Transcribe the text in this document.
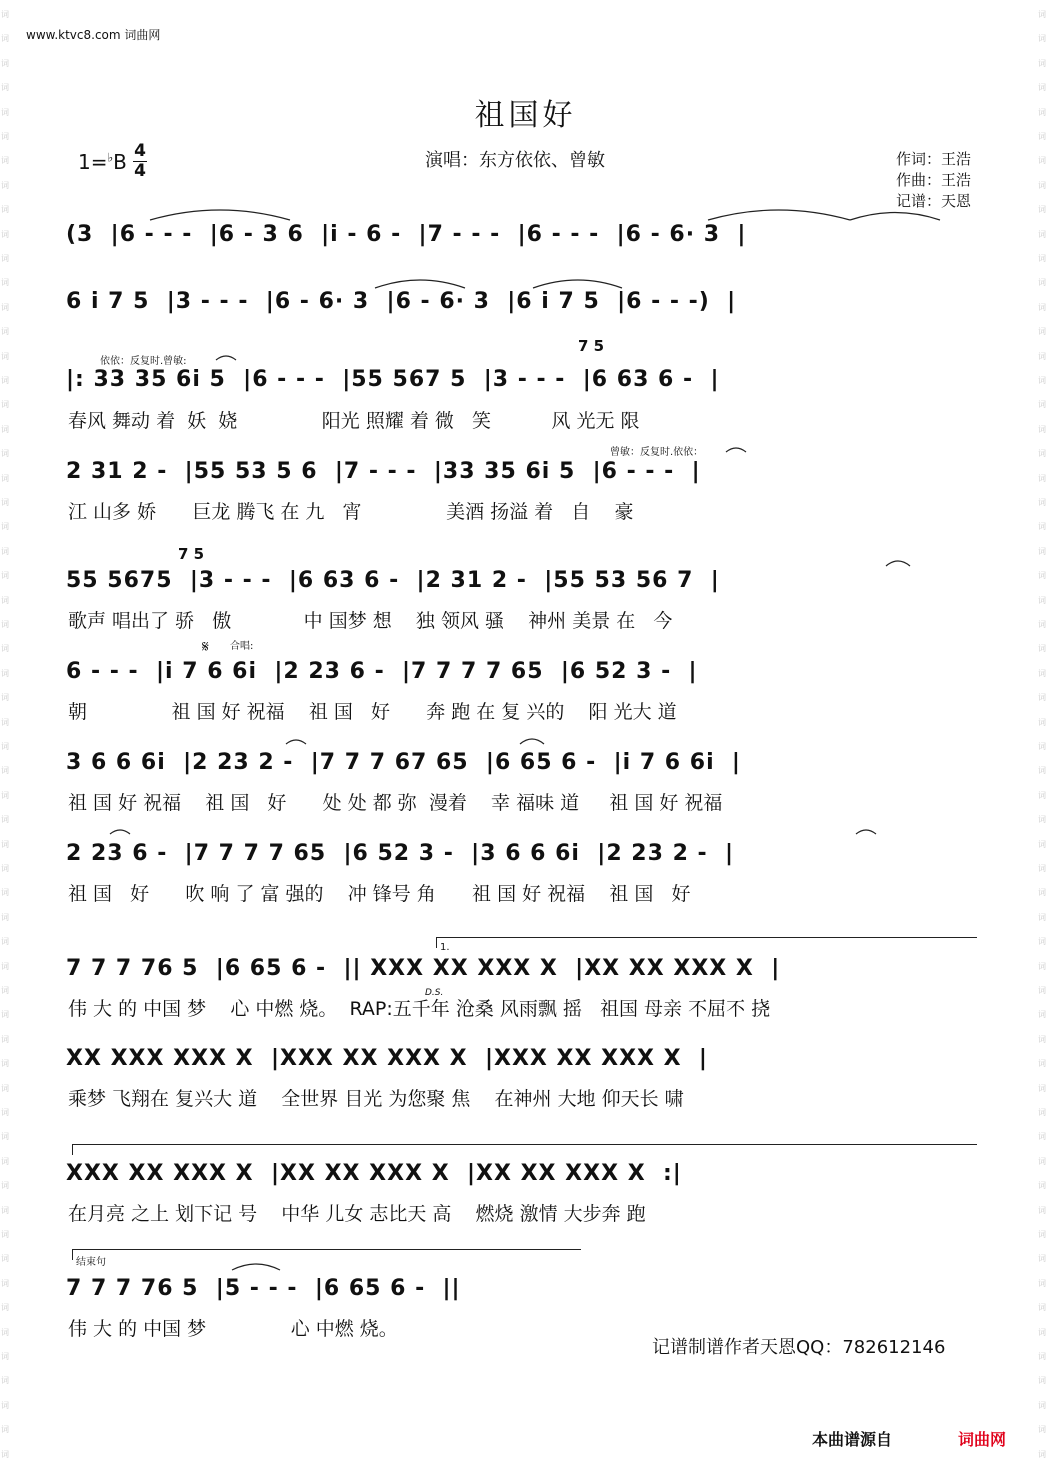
词
词
词
词
词
词
词
词
词
词
词
词
词
词
词
词
词
词
词
词
词
词
词
词
词
词
词
词
词
词
词
词
词
词
词
词
词
词
词
词
词
词
词
词
词
词
词
词
词
词
词
词
词
词
词
词
词
词
词
词
词
词
词
词
词
词
词
词
词
词
词
词
词
词
词
词
词
词
词
词
词
词
词
词
词
词
词
词
词
词
词
词
词
词
词
词
词
词
词
词
词
词
词
词
词
词
词
词
词
词
词
词
词
词
词
词
词
词
词
词
www.ktvc8.com 词曲网
祖国好
1=♭B 4
4	演唱：东方依依、曾敏	作词：王浩
作曲：王浩
记谱：天恩
依依：反复时.曾敏:
曾敏：反复时.依依：
合唱:
𝄋
D.S.
1.
结束句
7 5
7 5
(3  |6 - - -  |6 - 3 6  |i - 6 -  |7 - - -  |6 - - -  |6 - 6· 3  |
6 i 7 5  |3 - - -  |6 - 6· 3  |6 - 6· 3  |6 i 7 5  |6 - - -)  |
|: 33 35 6i 5  |6 - - -  |55 567 5  |3 - - -  |6 63 6 -  |
春风 舞动 着  妖  娆              阳光 照耀 着 微   笑          风 光无 限
2 31 2 -  |55 53 5 6  |7 - - -  |33 35 6i 5  |6 - - -  |
江 山多 娇      巨龙 腾飞 在 九   宵              美酒 扬溢 着   自    豪
55 5675  |3 - - -  |6 63 6 -  |2 31 2 -  |55 53 56 7  |
歌声 唱出了 骄   傲            中 国梦 想    独 领风 骚    神州 美景 在   今
6 - - -  |i 7 6 6i  |2 23 6 -  |7 7 7 7 65  |6 52 3 -  |
朝              祖 国 好 祝福    祖 国   好      奔 跑 在 复 兴的    阳 光大 道
3 6 6 6i  |2 23 2 -  |7 7 7 67 65  |6 65 6 -  |i 7 6 6i  |
祖 国 好 祝福    祖 国   好      处 处 都 弥  漫着    幸 福味 道     祖 国 好 祝福
2 23 6 -  |7 7 7 7 65  |6 52 3 -  |3 6 6 6i  |2 23 2 -  |
祖 国   好      吹 响 了 富 强的    冲 锋号 角      祖 国 好 祝福    祖 国   好
7 7 7 76 5  |6 65 6 -  || XXX XX XXX X  |XX XX XXX X  |
伟 大 的 中国 梦    心 中燃 烧。  RAP:五千年 沧桑 风雨飘 摇   祖国 母亲 不屈不 挠
XX XXX XXX X  |XXX XX XXX X  |XXX XX XXX X  |
乘梦 飞翔在 复兴大 道    全世界 目光 为您聚 焦    在神州 大地 仰天长 啸
XXX XX XXX X  |XX XX XXX X  |XX XX XXX X  :|
在月亮 之上 划下记 号    中华 儿女 志比天 高    燃烧 激情 大步奔 跑
7 7 7 76 5  |5 - - -  |6 65 6 -  ||
伟 大 的 中国 梦              心 中燃 烧。
记谱制谱作者天恩QQ：782612146
本曲谱源自	词曲网
